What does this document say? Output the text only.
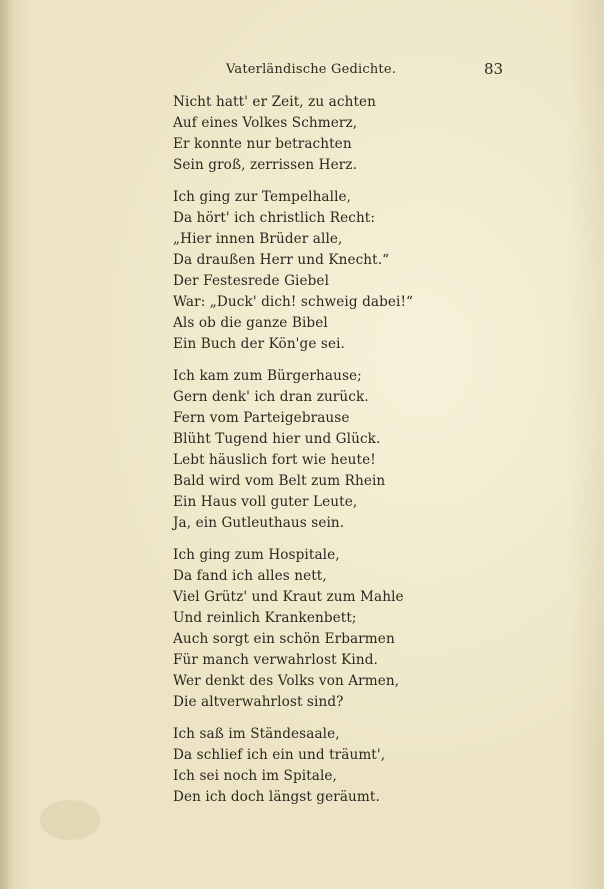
Vaterländische Gedichte.	83
Nicht hatt' er Zeit, zu achten
Auf eines Volkes Schmerz,
Er konnte nur betrachten
Sein groß, zerrissen Herz.
Ich ging zur Tempelhalle,
Da hört' ich christlich Recht:
„Hier innen Brüder alle,
Da draußen Herr und Knecht.“
Der Festesrede Giebel
War: „Duck' dich! schweig dabei!“
Als ob die ganze Bibel
Ein Buch der Kön'ge sei.
Ich kam zum Bürgerhause;
Gern denk' ich dran zurück.
Fern vom Parteigebrause
Blüht Tugend hier und Glück.
Lebt häuslich fort wie heute!
Bald wird vom Belt zum Rhein
Ein Haus voll guter Leute,
Ja, ein Gutleuthaus sein.
Ich ging zum Hospitale,
Da fand ich alles nett,
Viel Grütz' und Kraut zum Mahle
Und reinlich Krankenbett;
Auch sorgt ein schön Erbarmen
Für manch verwahrlost Kind.
Wer denkt des Volks von Armen,
Die altverwahrlost sind?
Ich saß im Ständesaale,
Da schlief ich ein und träumt',
Ich sei noch im Spitale,
Den ich doch längst geräumt.
